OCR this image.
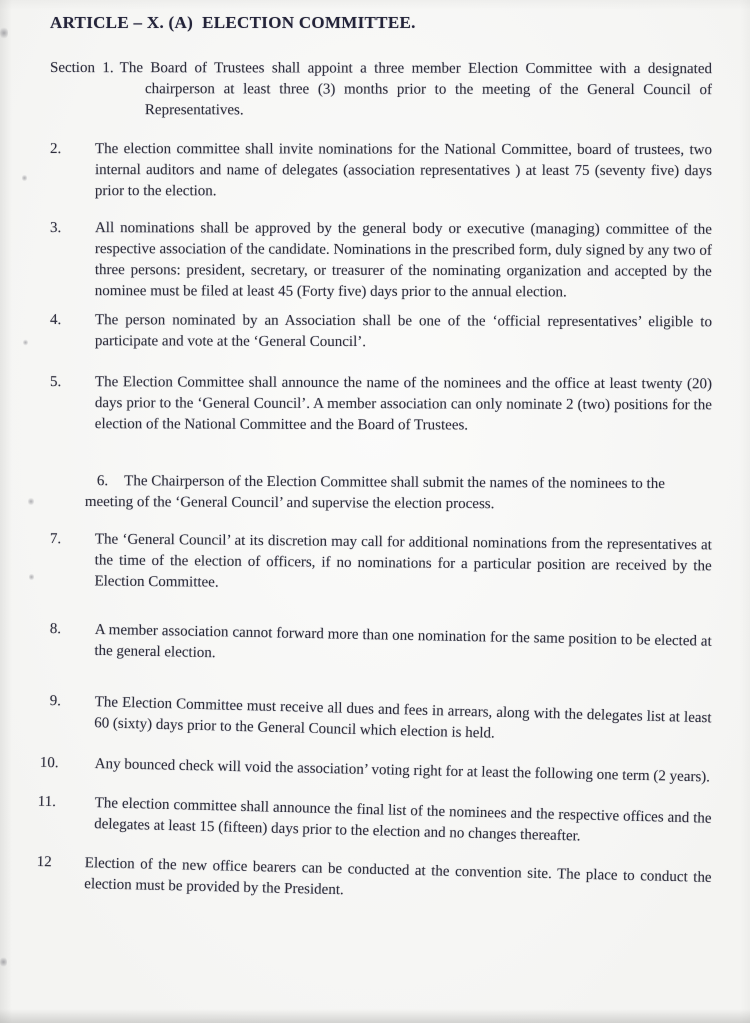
ARTICLE – X. (A)  ELECTION COMMITTEE.

Section 1. The Board of Trustees shall appoint a three member Election Committee with a designated chairperson at least three (3) months prior to the meeting of the General Council of Representatives.

2. The election committee shall invite nominations for the National Committee, board of trustees, two internal auditors and name of delegates (association representatives ) at least 75 (seventy five) days prior to the election.
3. All nominations shall be approved by the general body or executive (managing) committee of the respective association of the candidate. Nominations in the prescribed form, duly signed by any two of three persons: president, secretary, or treasurer of the nominating organization and accepted by the nominee must be filed at least 45 (Forty five) days prior to the annual election.
4. The person nominated by an Association shall be one of the ‘official representatives’ eligible to participate and vote at the ‘General Council’.
5. The Election Committee shall announce the name of the nominees and the office at least twenty (20) days prior to the ‘General Council’. A member association can only nominate 2 (two) positions for the election of the National Committee and the Board of Trustees.
6. The Chairperson of the Election Committee shall submit the names of the nominees to the meeting of the ‘General Council’ and supervise the election process.
7. The ‘General Council’ at its discretion may call for additional nominations from the representatives at the time of the election of officers, if no nominations for a particular position are received by the Election Committee.
8. A member association cannot forward more than one nomination for the same position to be elected at the general election.
9. The Election Committee must receive all dues and fees in arrears, along with the delegates list at least 60 (sixty) days prior to the General Council which election is held.
10. Any bounced check will void the association’ voting right for at least the following one term (2 years).
11.	The election committee shall announce the final list of the nominees and the respective offices and the delegates at least 15 (fifteen) days prior to the election and no changes thereafter.
12 Election of the new office bearers can be conducted at the convention site. The place to conduct the election must be provided by the President.
